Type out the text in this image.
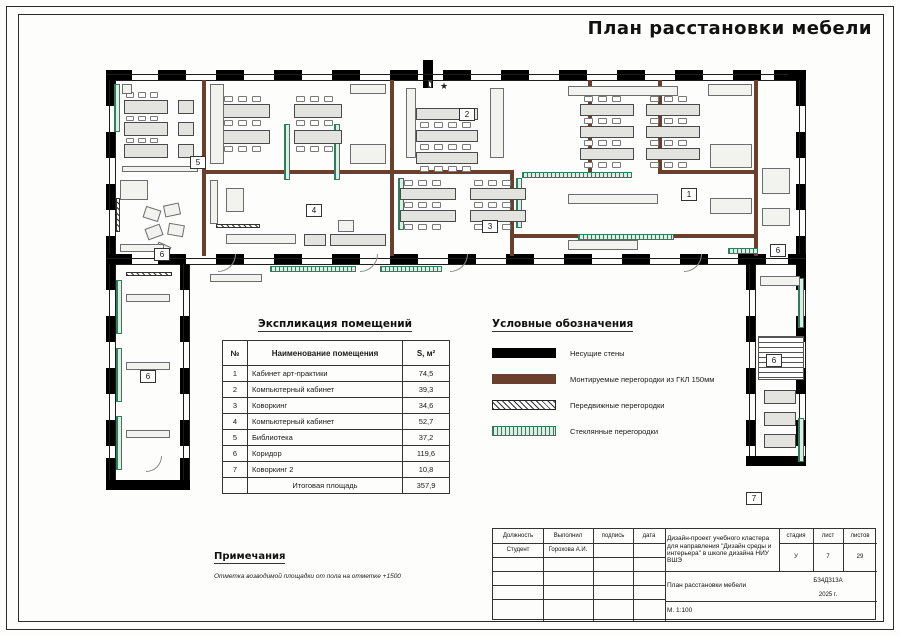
План расстановки мебели
★
1
2
3
4
5
6	6
6
6
7
Экспликация помещений
№	Наименование помещения	S, м²
1	Кабинет арт-практики	74,5
2	Компьютерный кабинет	39,3
3	Коворкинг	34,6
4	Компьютерный кабинет	52,7
5	Библиотека	37,2
6	Коридор	119,6
7	Коворкинг 2	10,8
	Итоговая площадь	357,9
Условные обозначения
Несущие стены
Монтируемые перегородки из ГКЛ 150мм
Передвижные перегородки
Стеклянные перегородки
Примечания
Отметка возводимой площадки от пола на отметке +1500
Должность	Выполнил	подпись	дата
Студент	Горохова А.И.
Дизайн-проект учебного кластера для направления "Дизайн среды и интерьера" в школе дизайна НИУ ВШЭ
стадия	лист	листов
У	7	29
План расстановки мебели
М. 1:100
БЗ4ДЗ13А
2025 г.
